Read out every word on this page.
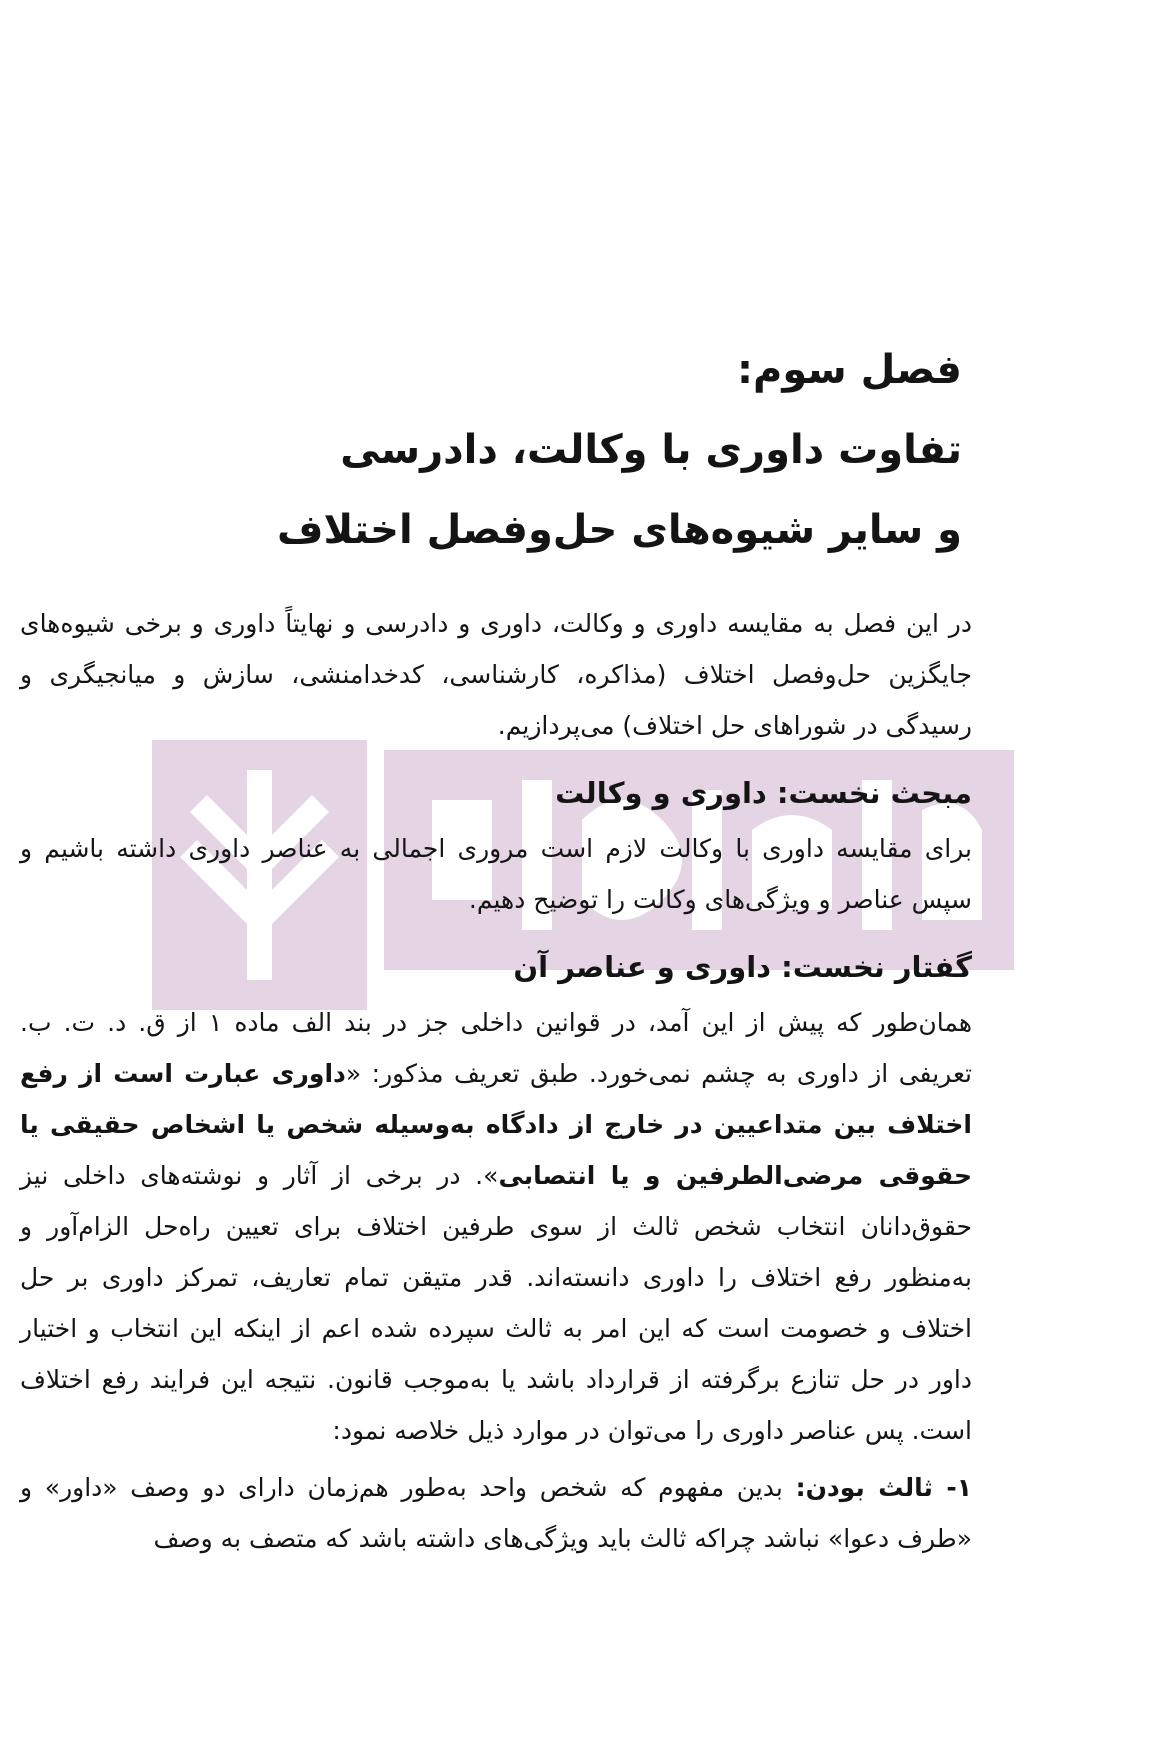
فصل سوم:
تفاوت داوری با وکالت، دادرسی
و سایر شیوه‌های حل‌وفصل اختلاف

در این فصل به مقایسه داوری و وکالت، داوری و دادرسی و نهایتاً داوری و برخی شیوه‌های جایگزین حل‌وفصل اختلاف (مذاکره، کارشناسی، کدخدامنشی، سازش و میانجیگری و رسیدگی در شوراهای حل اختلاف) می‌پردازیم.

مبحث نخست: داوری و وکالت

برای مقایسه داوری با وکالت لازم است مروری اجمالی به عناصر داوری داشته باشیم و سپس عناصر و ویژگی‌های وکالت را توضیح دهیم.

گفتار نخست: داوری و عناصر آن

همان‌طور که پیش از این آمد، در قوانین داخلی جز در بند الف ماده ۱ از ق. د. ت. ب. تعریفی از داوری به چشم نمی‌خورد. طبق تعریف مذکور: «داوری عبارت است از رفع اختلاف بین متداعیین در خارج از دادگاه به‌وسیله شخص یا اشخاص حقیقی یا حقوقی مرضی‌الطرفین و یا انتصابی». در برخی از آثار و نوشته‌های داخلی نیز حقوق‌دانان انتخاب شخص ثالث از سوی طرفین اختلاف برای تعیین راه‌حل الزام‌آور و به‌منظور رفع اختلاف را داوری دانسته‌اند. قدر متیقن تمام تعاریف، تمرکز داوری بر حل اختلاف و خصومت است که این امر به ثالث سپرده شده اعم از اینکه این انتخاب و اختیار داور در حل تنازع برگرفته از قرارداد باشد یا به‌موجب قانون. نتیجه این فرایند رفع اختلاف است. پس عناصر داوری را می‌توان در موارد ذیل خلاصه نمود:

۱- ثالث بودن: بدین مفهوم که شخص واحد به‌طور هم‌زمان دارای دو وصف «داور» و «طرف دعوا» نباشد چراکه ثالث باید ویژگی‌های داشته باشد که متصف به وصف
